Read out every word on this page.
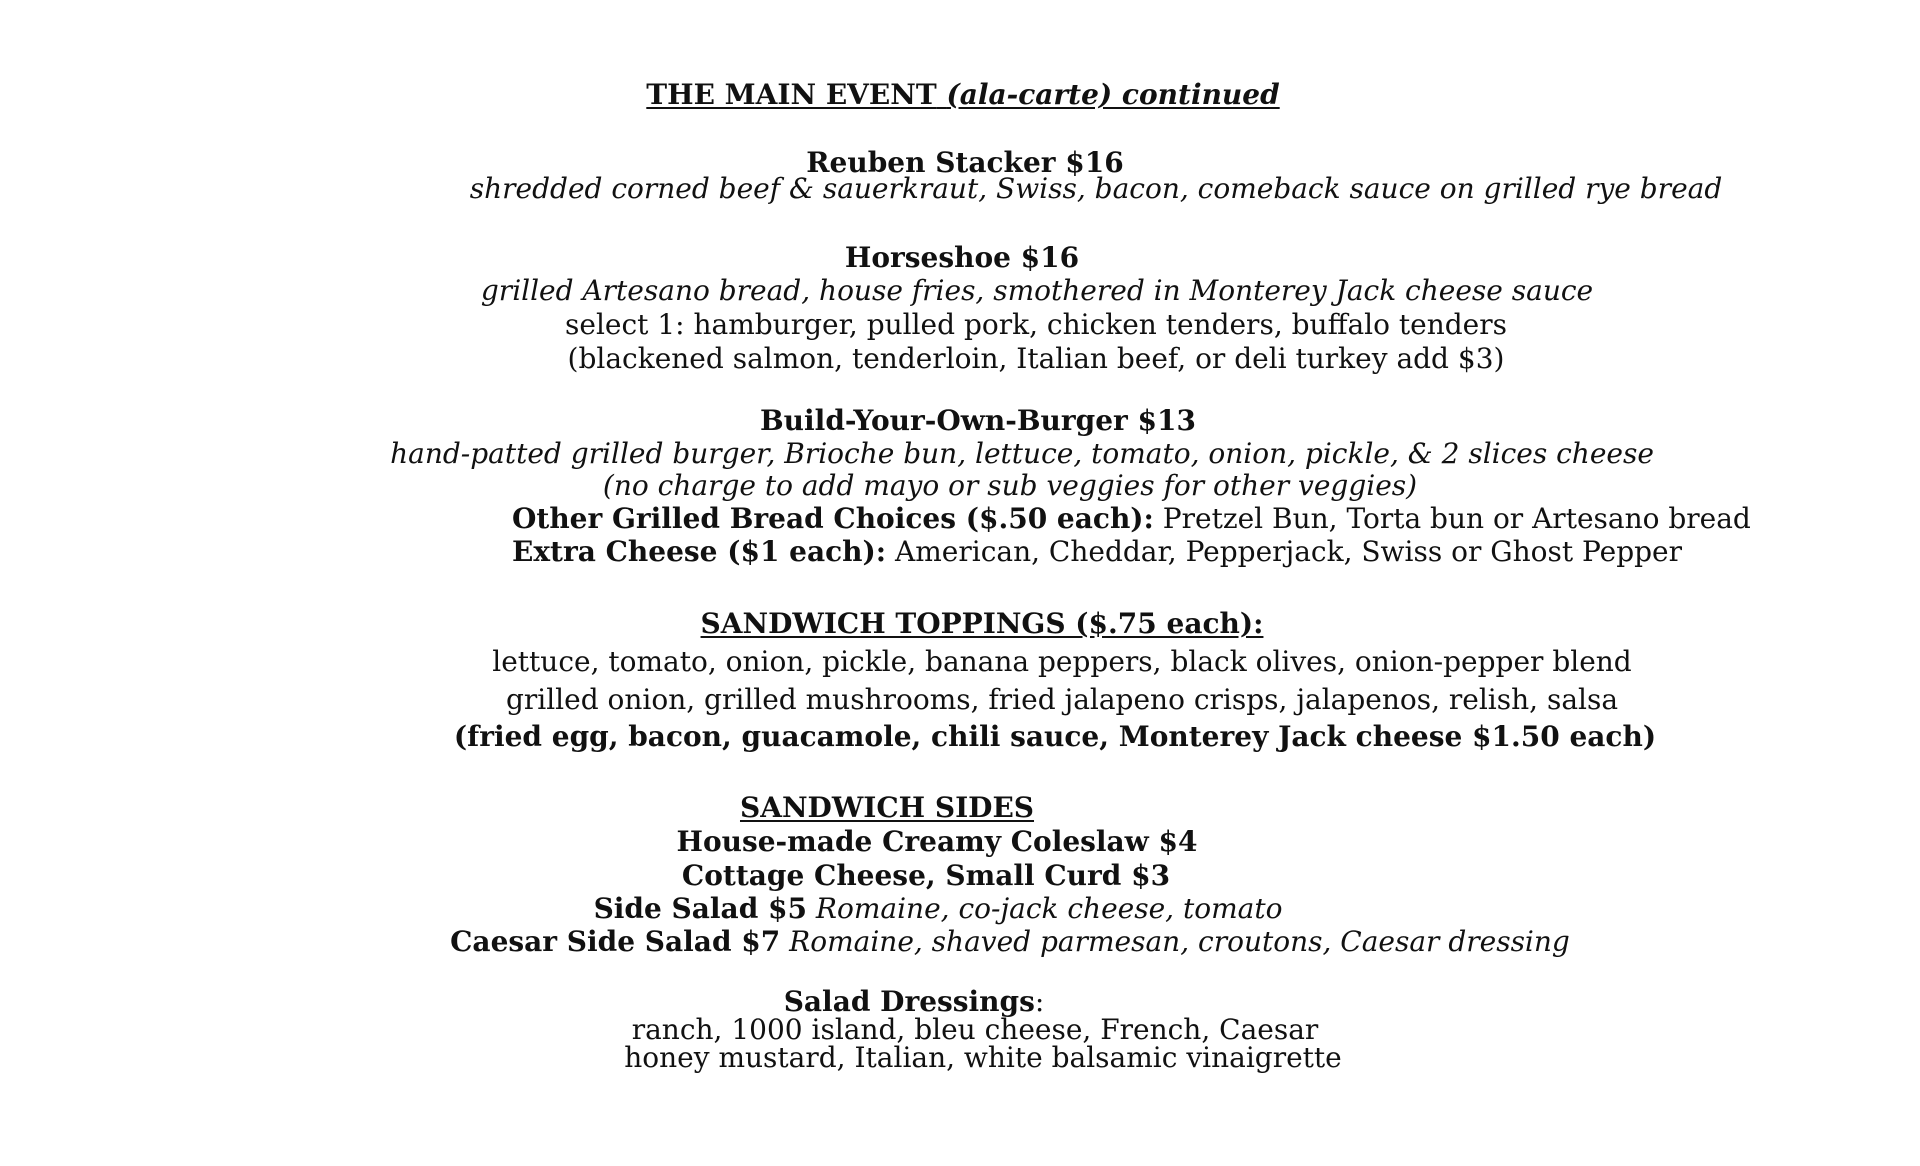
THE MAIN EVENT (ala-carte) continued
Reuben Stacker $16
shredded corned beef & sauerkraut, Swiss, bacon, comeback sauce on grilled rye bread
Horseshoe $16
grilled Artesano bread, house fries, smothered in Monterey Jack cheese sauce
select 1: hamburger, pulled pork, chicken tenders, buffalo tenders
(blackened salmon, tenderloin, Italian beef, or deli turkey add $3)
Build-Your-Own-Burger $13
hand-patted grilled burger, Brioche bun, lettuce, tomato, onion, pickle, & 2 slices cheese
(no charge to add mayo or sub veggies for other veggies)
Other Grilled Bread Choices ($.50 each): Pretzel Bun, Torta bun or Artesano bread
Extra Cheese ($1 each): American, Cheddar, Pepperjack, Swiss or Ghost Pepper
SANDWICH TOPPINGS ($.75 each):
lettuce, tomato, onion, pickle, banana peppers, black olives, onion-pepper blend
grilled onion, grilled mushrooms, fried jalapeno crisps, jalapenos, relish, salsa
(fried egg, bacon, guacamole, chili sauce, Monterey Jack cheese $1.50 each)
SANDWICH SIDES
House-made Creamy Coleslaw $4
Cottage Cheese, Small Curd $3
Side Salad $5 Romaine, co-jack cheese, tomato
Caesar Side Salad $7 Romaine, shaved parmesan, croutons, Caesar dressing
Salad Dressings:
ranch, 1000 island, bleu cheese, French, Caesar
honey mustard, Italian, white balsamic vinaigrette
